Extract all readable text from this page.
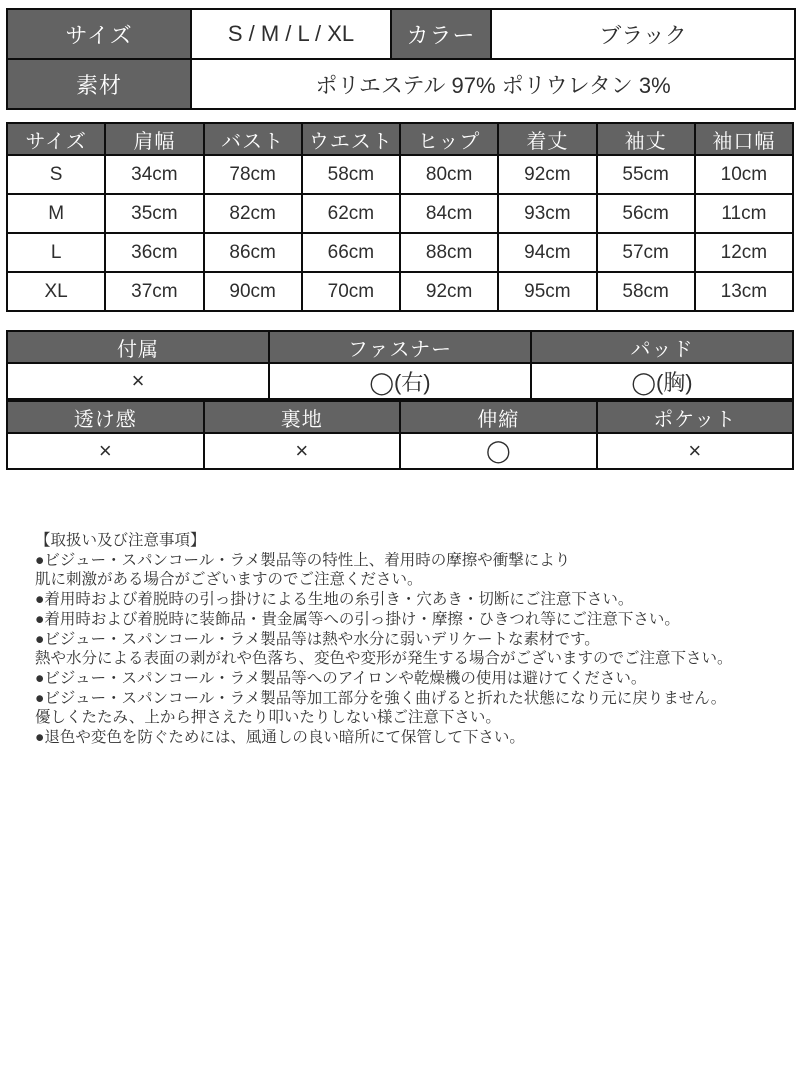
サイズ	S / M / L / XL	カラー	ブラック
素材	ポリエステル 97% ポリウレタン 3%		
サイズ	肩幅	バスト	ウエスト	ヒップ	着丈	袖丈	袖口幅
S	34cm	78cm	58cm	80cm	92cm	55cm	10cm
M	35cm	82cm	62cm	84cm	93cm	56cm	11cm
L	36cm	86cm	66cm	88cm	94cm	57cm	12cm
XL	37cm	90cm	70cm	92cm	95cm	58cm	13cm
付属	ファスナー	パッド
×	◯(右)	◯(胸)
透け感	裏地	伸縮	ポケット
×	×	◯	×
【取扱い及び注意事項】
●ビジュー・スパンコール・ラメ製品等の特性上、着用時の摩擦や衝撃により
肌に刺激がある場合がございますのでご注意ください。
●着用時および着脱時の引っ掛けによる生地の糸引き・穴あき・切断にご注意下さい。
●着用時および着脱時に装飾品・貴金属等への引っ掛け・摩擦・ひきつれ等にご注意下さい。
●ビジュー・スパンコール・ラメ製品等は熱や水分に弱いデリケートな素材です。
熱や水分による表面の剥がれや色落ち、変色や変形が発生する場合がございますのでご注意下さい。
●ビジュー・スパンコール・ラメ製品等へのアイロンや乾燥機の使用は避けてください。
●ビジュー・スパンコール・ラメ製品等加工部分を強く曲げると折れた状態になり元に戻りません。
優しくたたみ、上から押さえたり叩いたりしない様ご注意下さい。
●退色や変色を防ぐためには、風通しの良い暗所にて保管して下さい。
